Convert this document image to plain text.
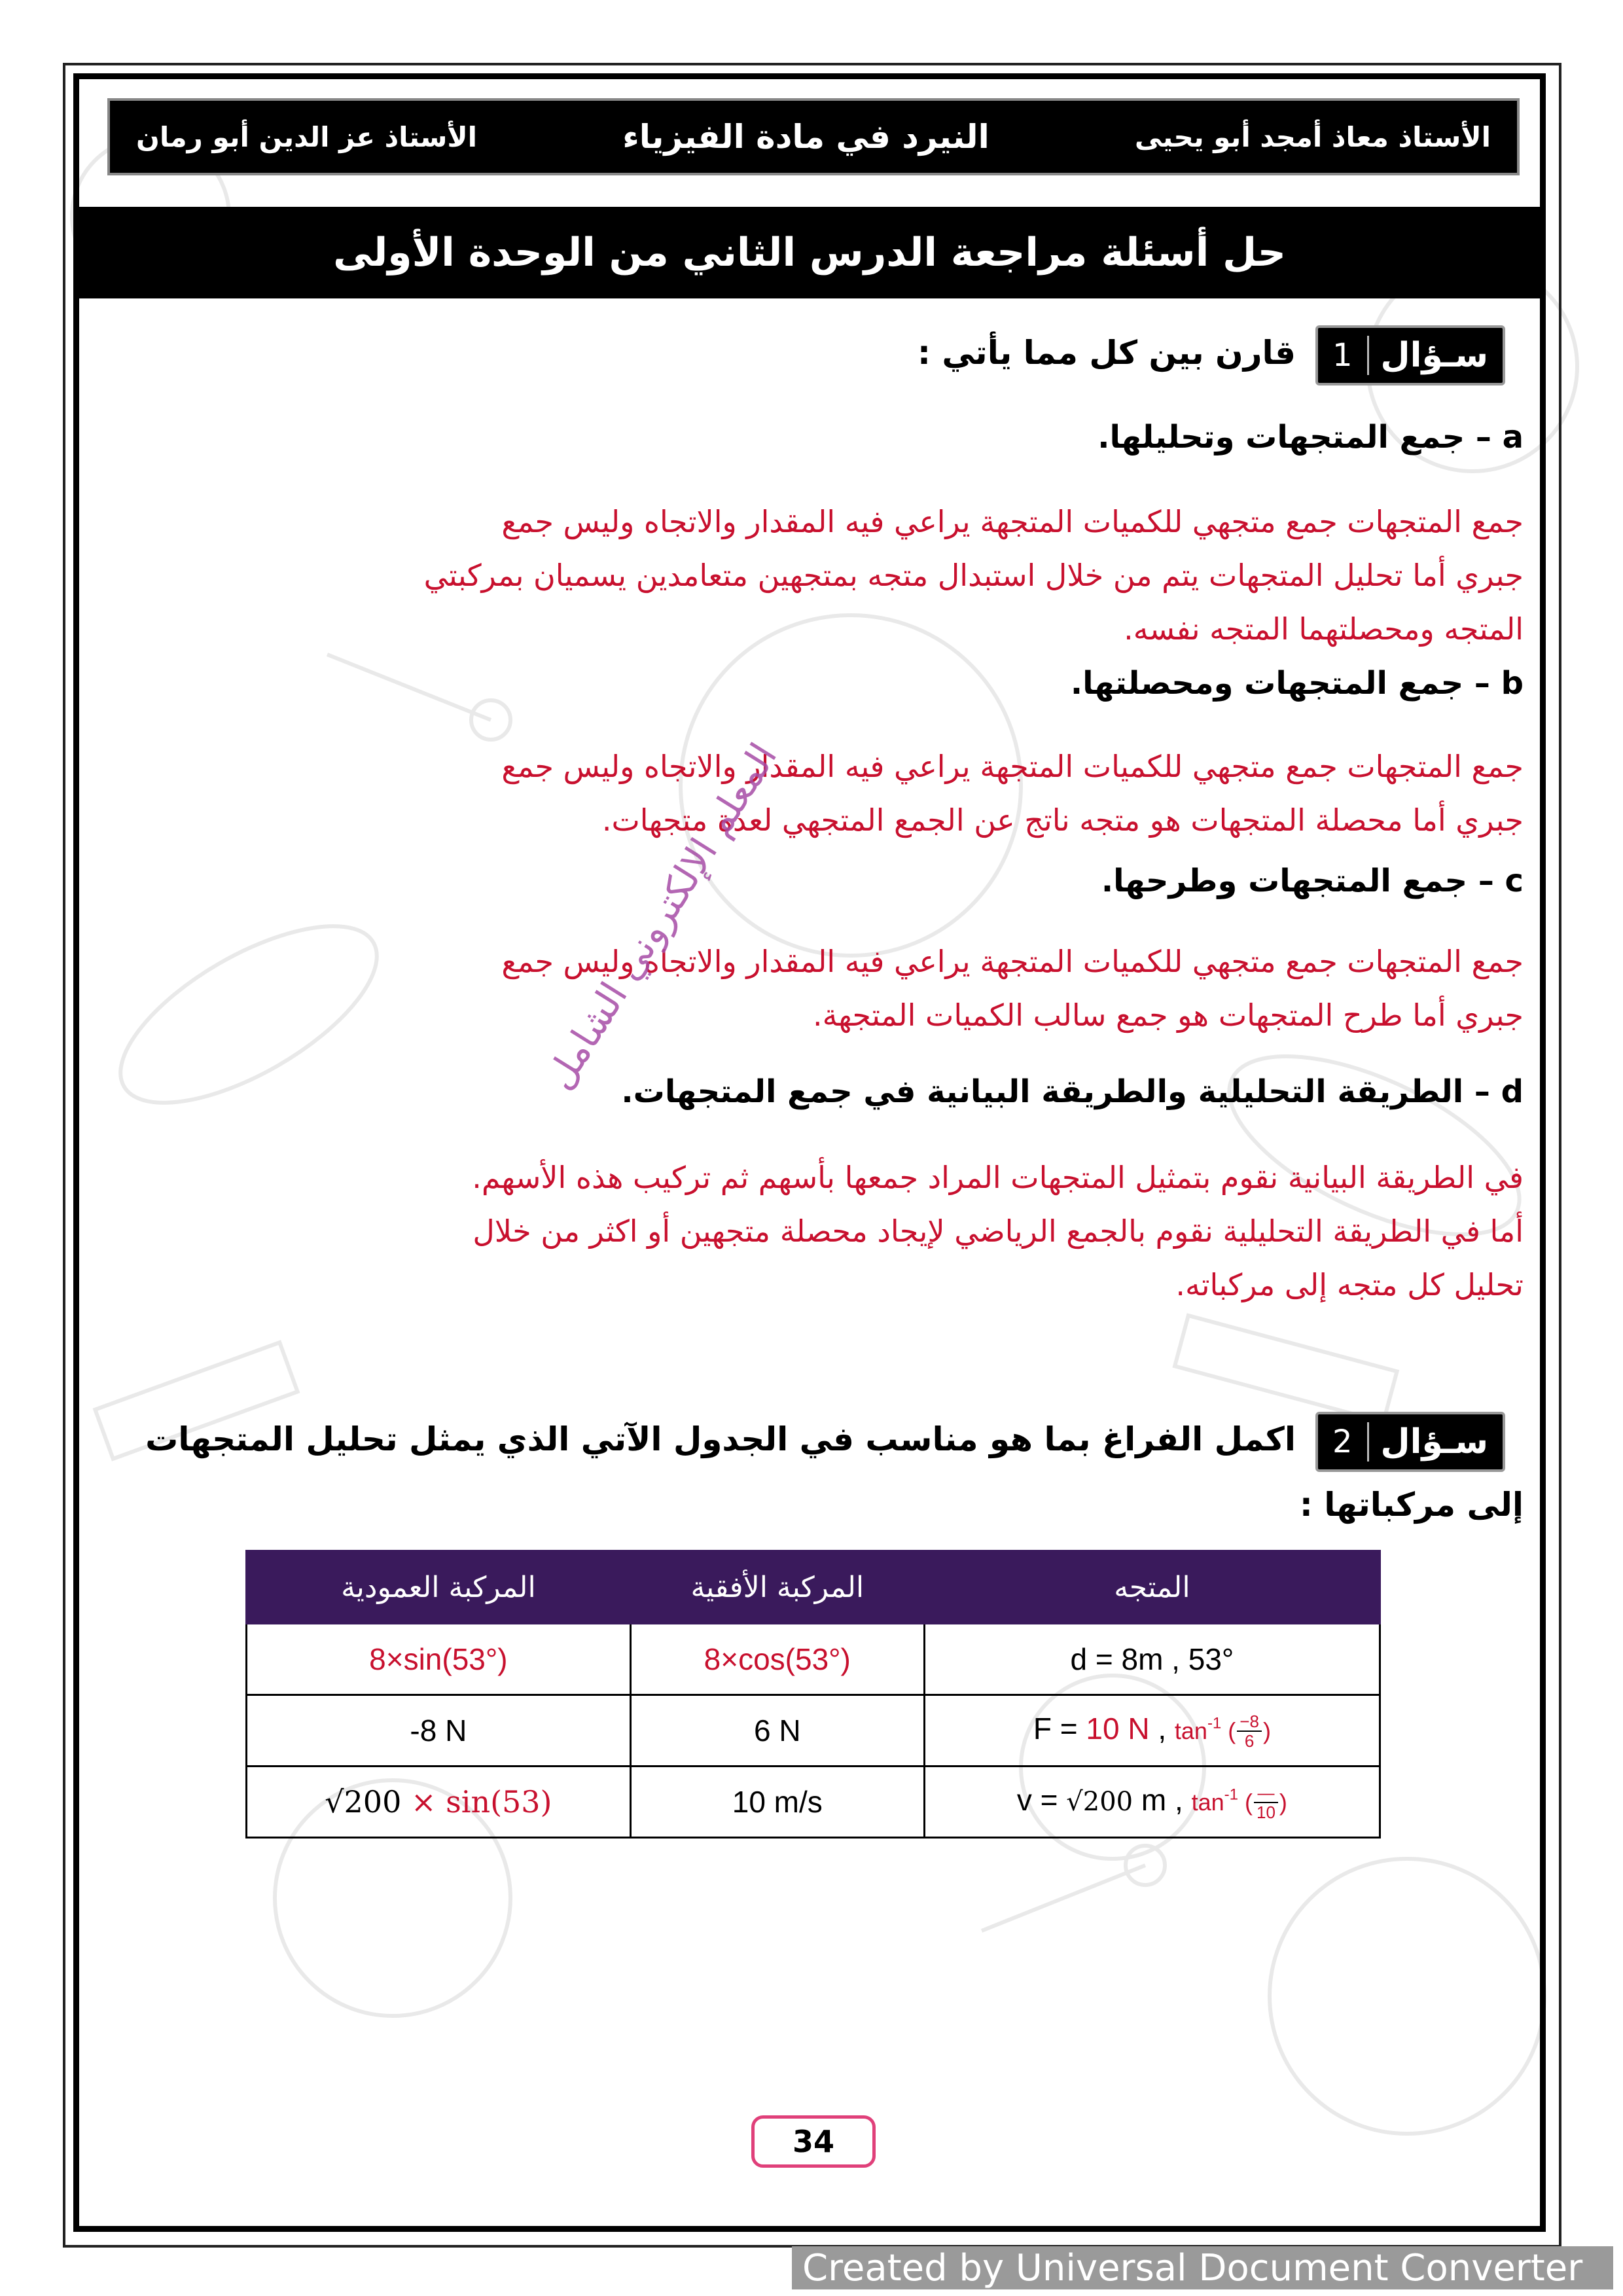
الأستاذ معاذ أمجد أبو يحيى
النيرد في مادة الفيزياء
الأستاذ عز الدين أبو رمان
حل أسئلة مراجعة الدرس الثاني من الوحدة الأولى
سـؤال
1
قارن بين كل مما يأتي :
a – جمع المتجهات وتحليلها.
جمع المتجهات جمع متجهي للكميات المتجهة يراعي فيه المقدار والاتجاه وليس جمع
جبري أما تحليل المتجهات يتم من خلال استبدال متجه بمتجهين متعامدين يسميان بمركبتي
المتجه ومحصلتهما المتجه نفسه.
b – جمع المتجهات ومحصلتها.
جمع المتجهات جمع متجهي للكميات المتجهة يراعي فيه المقدار والاتجاه وليس جمع
جبري أما محصلة المتجهات هو متجه ناتج عن الجمع المتجهي لعدة متجهات.
c – جمع المتجهات وطرحها.
جمع المتجهات جمع متجهي للكميات المتجهة يراعي فيه المقدار والاتجاه وليس جمع
جبري أما طرح المتجهات هو جمع سالب الكميات المتجهة.
d – الطريقة التحليلية والطريقة البيانية في جمع المتجهات.
في الطريقة البيانية نقوم بتمثيل المتجهات المراد جمعها بأسهم ثم تركيب هذه الأسهم.
أما في الطريقة التحليلية نقوم بالجمع الرياضي لإيجاد محصلة متجهين أو اكثر من خلال
تحليل كل متجه إلى مركباته.
المعلم الإلكتروني الشامل
سـؤال
2
اكمل الفراغ بما هو مناسب في الجدول الآتي الذي يمثل تحليل المتجهات
إلى مركباتها :
المتجه	المركبة الأفقية	المركبة العمودية
d = 8m , 53°	8×cos(53°)	8×sin(53°)
F = 10 N , $\tan^{-1}$ ( $\frac{-8}{6}$ )	6 N	-8 N
v = √200 m , $\tan^{-1}$ ( $\frac{—}{10}$ )	10 m/s	√200 × sin(53)
34
Created by Universal Document Converter
